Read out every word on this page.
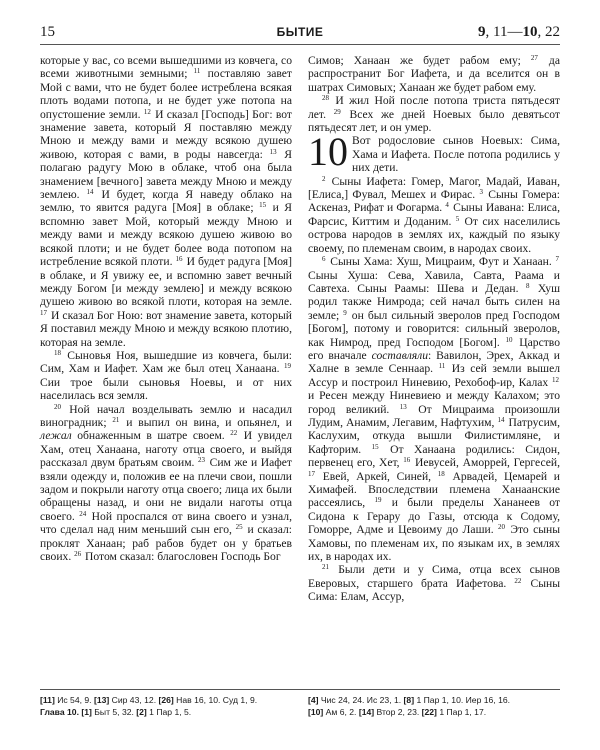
15	БЫТИЕ	9, 11—10, 22

которые у вас, со всеми вышедшими из ковчега, со всеми животными земными; $^{11}$ поставляю завет Мой с вами, что не будет более истреблена всякая плоть водами потопа, и не будет уже потопа на опустошение земли. $^{12}$ И сказал [Господь] Бог: вот знамение завета, который Я поставляю между Мною и между вами и между всякою душею живою, которая с вами, в роды навсегда: $^{13}$ Я полагаю радугу Мою в облаке, чтоб она была знамением [вечного] завета между Мною и между землею. $^{14}$ И будет, когда Я наведу облако на землю, то явится радуга [Моя] в облаке; $^{15}$ и Я вспомню завет Мой, который между Мною и между вами и между всякою душею живою во всякой плоти; и не будет более вода потопом на истребление всякой плоти. $^{16}$ И будет радуга [Моя] в облаке, и Я увижу ее, и вспомню завет вечный между Богом [и между землею] и между всякою душею живою во всякой плоти, которая на земле. $^{17}$ И сказал Бог Ною: вот знамение завета, который Я поставил между Мною и между всякою плотию, которая на земле.

$^{18}$ Сыновья Ноя, вышедшие из ковчега, были: Сим, Хам и Иафет. Хам же был отец Ханаана. $^{19}$ Сии трое были сыновья Ноевы, и от них населилась вся земля.

$^{20}$ Ной начал возделывать землю и насадил виноградник; $^{21}$ и выпил он вина, и опьянел, и лежал обнаженным в шатре своем. $^{22}$ И увидел Хам, отец Ханаана, наготу отца своего, и выйдя рассказал двум братьям своим. $^{23}$ Сим же и Иафет взяли одежду и, положив ее на плечи свои, пошли задом и покрыли наготу отца своего; лица их были обращены назад, и они не видали наготы отца своего. $^{24}$ Ной проспался от вина своего и узнал, что сделал над ним меньший сын его, $^{25}$ и сказал: проклят Ханаан; раб рабов будет он у братьев своих. $^{26}$ Потом сказал: благословен Господь Бог

Симов; Ханаан же будет рабом ему; $^{27}$ да распространит Бог Иафета, и да вселится он в шатрах Симовых; Ханаан же будет рабом ему.

$^{28}$ И жил Ной после потопа триста пятьдесят лет. $^{29}$ Всех же дней Ноевых было девятьсот пятьдесят лет, и он умер.

10 Вот родословие сынов Ноевых: Сима, Хама и Иафета. После потопа родились у них дети.

$^2$ Сыны Иафета: Гомер, Магог, Мадай, Иаван, [Елиса,] Фувал, Мешех и Фирас. $^3$ Сыны Гомера: Аскеназ, Рифат и Фогарма. $^4$ Сыны Иавана: Елиса, Фарсис, Киттим и Доданим. $^5$ От сих населились острова народов в землях их, каждый по языку своему, по племенам своим, в народах своих.

$^6$ Сыны Хама: Хуш, Мицраим, Фут и Ханаан. $^7$ Сыны Хуша: Сева, Хавила, Савта, Раама и Савтеха. Сыны Раамы: Шева и Дедан. $^8$ Хуш родил также Нимрода; сей начал быть силен на земле; $^9$ он был сильный зверолов пред Господом [Богом], потому и говорится: сильный зверолов, как Нимрод, пред Господом [Богом]. $^{10}$ Царство его вначале составляли: Вавилон, Эрех, Аккад и Халне в земле Сеннаар. $^{11}$ Из сей земли вышел Ассур и построил Ниневию, Рехобоф-ир, Калах $^{12}$ и Ресен между Ниневиею и между Калахом; это город великий. $^{13}$ От Мицраима произошли Лудим, Анамим, Легавим, Нафтухим, $^{14}$ Патрусим, Каслухим, откуда вышли Филистимляне, и Кафторим. $^{15}$ От Ханаана родились: Сидон, первенец его, Хет, $^{16}$ Иевусей, Аморрей, Гергесей, $^{17}$ Евей, Аркей, Синей, $^{18}$ Арвадей, Цемарей и Химафей. Впоследствии племена Ханаанские рассеялись, $^{19}$ и были пределы Хананеев от Сидона к Герару до Газы, отсюда к Содому, Гоморре, Адме и Цевоиму до Лаши. $^{20}$ Это сыны Хамовы, по племенам их, по языкам их, в землях их, в народах их.

$^{21}$ Были дети и у Сима, отца всех сынов Еверовых, старшего брата Иафетова. $^{22}$ Сыны Сима: Елам, Ассур,

[11] Ис 54, 9. [13] Сир 43, 12. [26] Нав 16, 10. Суд 1, 9.

Глава 10. [1] Быт 5, 32. [2] 1 Пар 1, 5.

[4] Чис 24, 24. Ис 23, 1. [8] 1 Пар 1, 10. Иер 16, 16.

[10] Ам 6, 2. [14] Втор 2, 23. [22] 1 Пар 1, 17.
